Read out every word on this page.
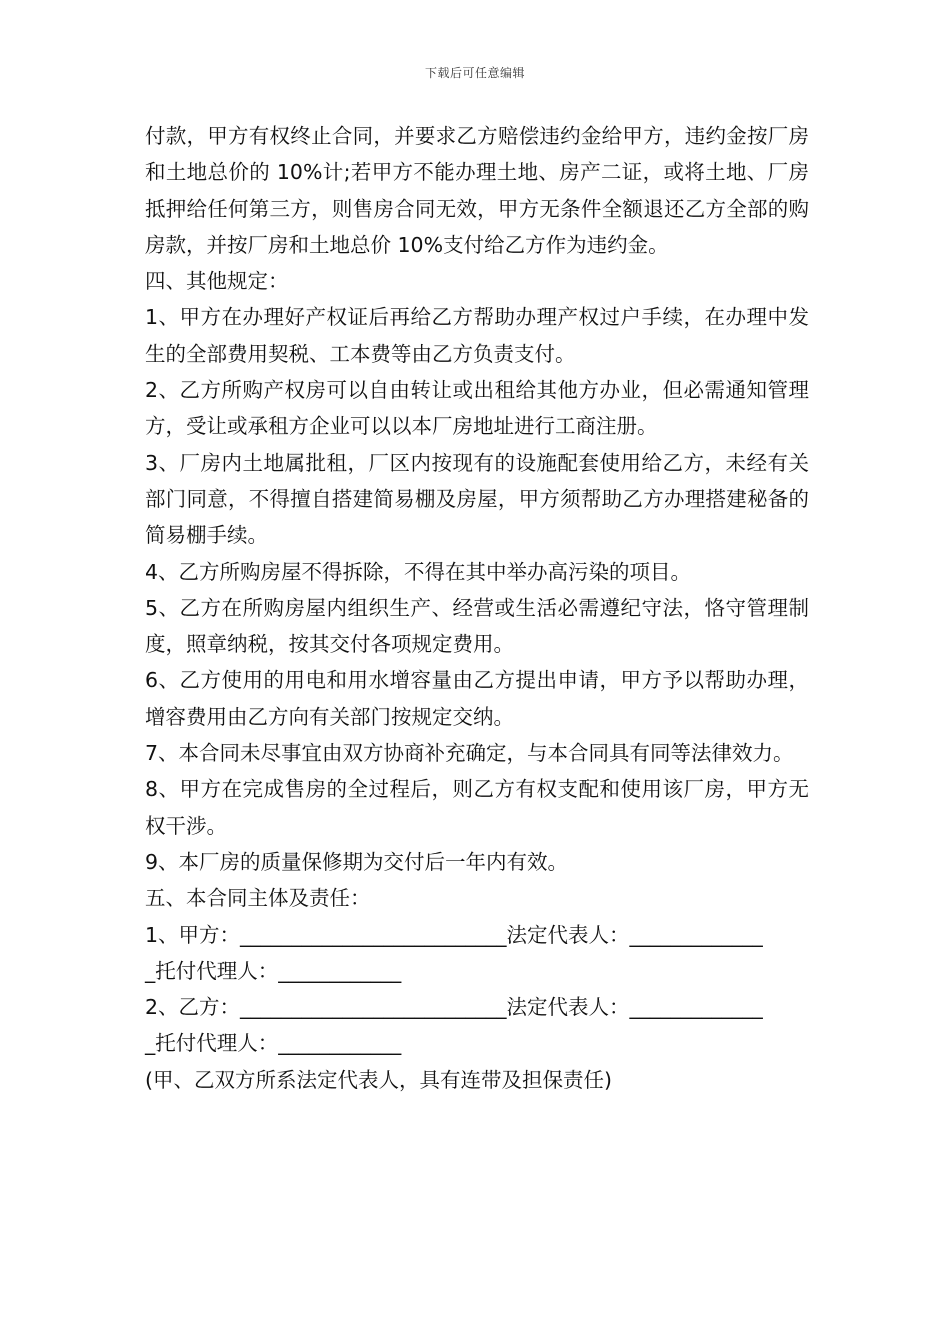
下载后可任意编辑

付款，甲方有权终止合同，并要求乙方赔偿违约金给甲方，违约金按厂房和土地总价的 10%计;若甲方不能办理土地、房产二证，或将土地、厂房抵押给任何第三方，则售房合同无效，甲方无条件全额退还乙方全部的购房款，并按厂房和土地总价 10%支付给乙方作为违约金。

四、其他规定：

1、甲方在办理好产权证后再给乙方帮助办理产权过户手续，在办理中发生的全部费用契税、工本费等由乙方负责支付。

2、乙方所购产权房可以自由转让或出租给其他方办业，但必需通知管理方，受让或承租方企业可以以本厂房地址进行工商注册。

3、厂房内土地属批租，厂区内按现有的设施配套使用给乙方，未经有关部门同意，不得擅自搭建简易棚及房屋，甲方须帮助乙方办理搭建秘备的简易棚手续。

4、乙方所购房屋不得拆除，不得在其中举办高污染的项目。

5、乙方在所购房屋内组织生产、经营或生活必需遵纪守法，恪守管理制度，照章纳税，按其交付各项规定费用。

6、乙方使用的用电和用水增容量由乙方提出申请，甲方予以帮助办理，增容费用由乙方向有关部门按规定交纳。

7、本合同未尽事宜由双方协商补充确定，与本合同具有同等法律效力。

8、甲方在完成售房的全过程后，则乙方有权支配和使用该厂房，甲方无权干涉。

9、本厂房的质量保修期为交付后一年内有效。

五、本合同主体及责任：

1、甲方：__________________________法定代表人：_____________
_托付代理人：____________

2、乙方：__________________________法定代表人：_____________
_托付代理人：____________

(甲、乙双方所系法定代表人，具有连带及担保责任)
